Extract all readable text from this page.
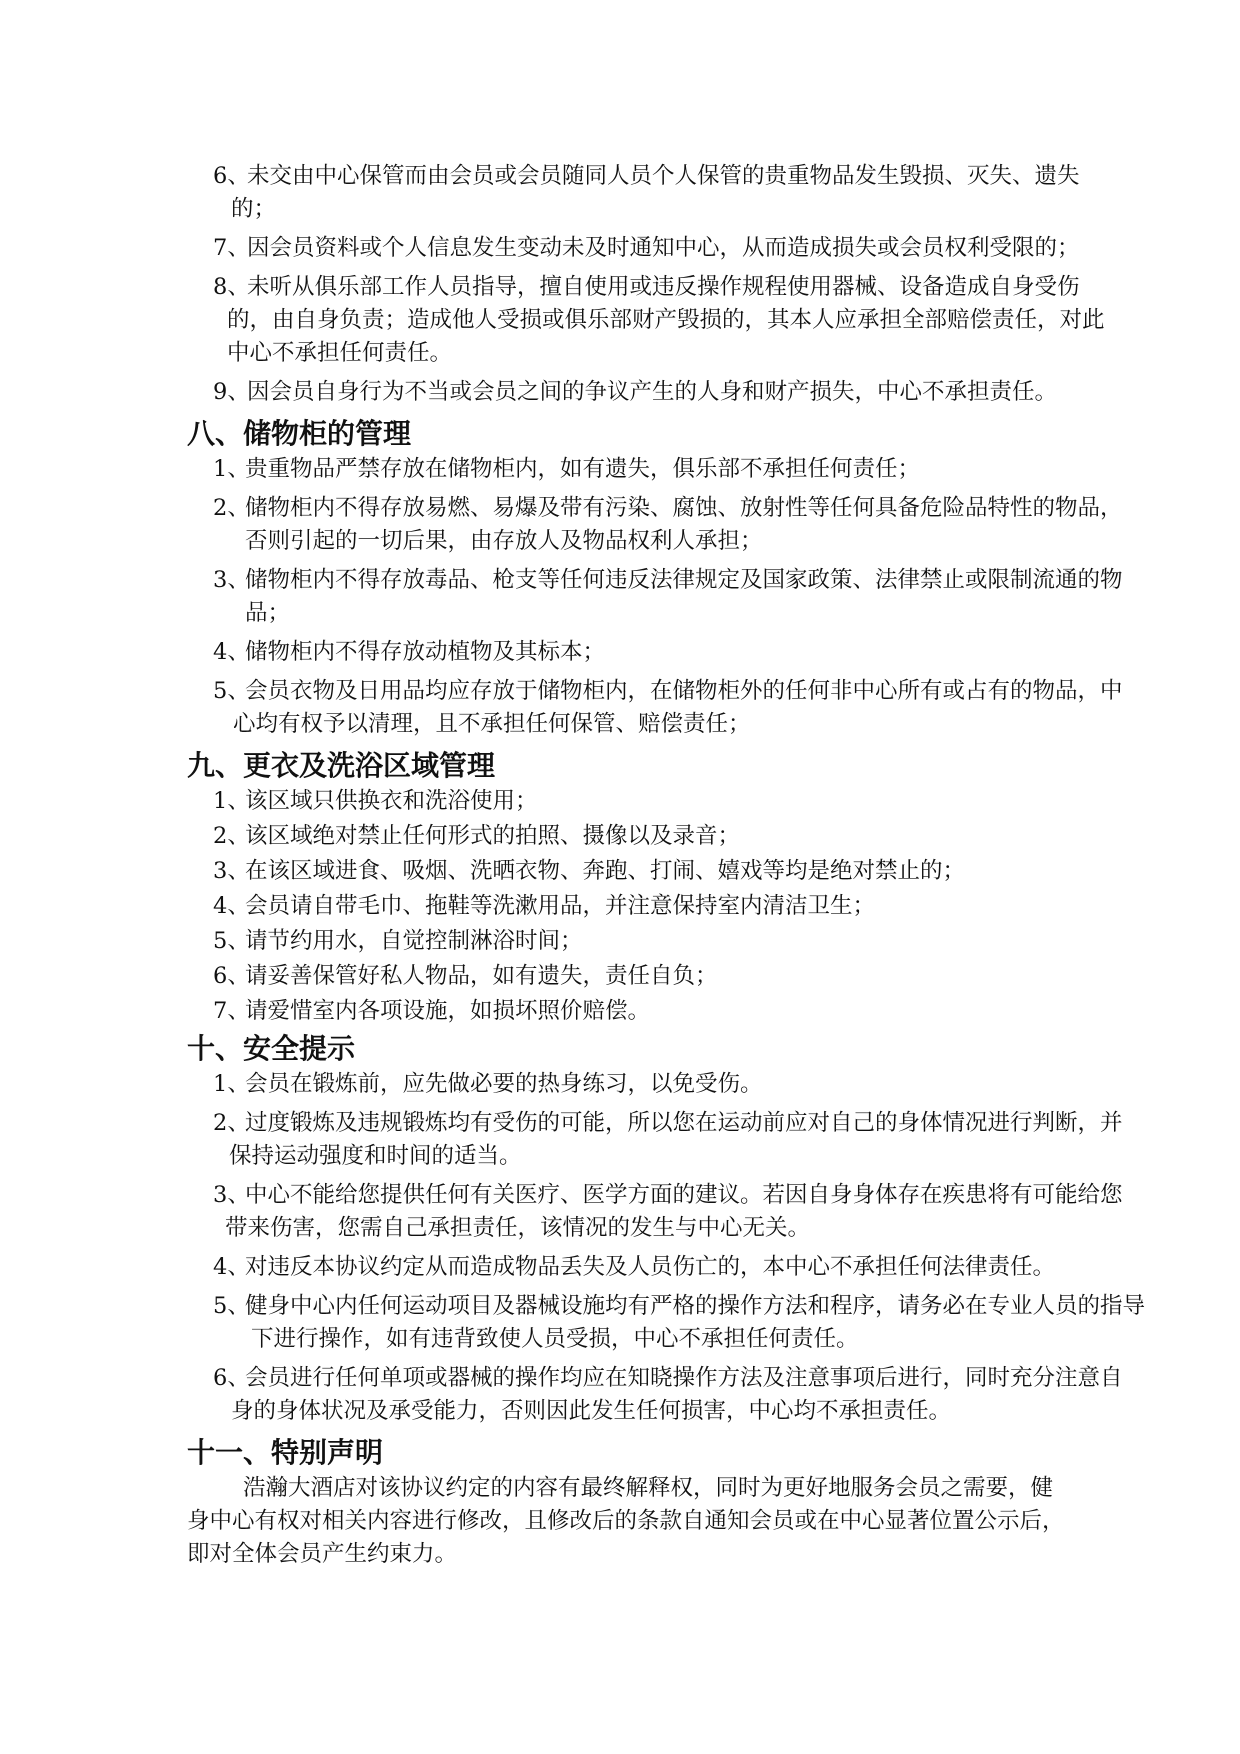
6、
未交由中心保管而由会员或会员随同人员个人保管的贵重物品发生毁损、灭失、遗失的；
7、
因会员资料或个人信息发生变动未及时通知中心，从而造成损失或会员权利受限的；
8、
未听从俱乐部工作人员指导，擅自使用或违反操作规程使用器械、设备造成自身受伤的，由自身负责；造成他人受损或俱乐部财产毁损的，其本人应承担全部赔偿责任，对此中心不承担任何责任。
9、
因会员自身行为不当或会员之间的争议产生的人身和财产损失，中心不承担责任。
八、储物柜的管理
1、
贵重物品严禁存放在储物柜内，如有遗失，俱乐部不承担任何责任；
2、
储物柜内不得存放易燃、易爆及带有污染、腐蚀、放射性等任何具备危险品特性的物品，否则引起的一切后果，由存放人及物品权利人承担；
3、
储物柜内不得存放毒品、枪支等任何违反法律规定及国家政策、法律禁止或限制流通的物品；
4、
储物柜内不得存放动植物及其标本；
5、
会员衣物及日用品均应存放于储物柜内，在储物柜外的任何非中心所有或占有的物品，中心均有权予以清理，且不承担任何保管、赔偿责任；
九、更衣及洗浴区域管理
1、
该区域只供换衣和洗浴使用；
2、
该区域绝对禁止任何形式的拍照、摄像以及录音；
3、
在该区域进食、吸烟、洗晒衣物、奔跑、打闹、嬉戏等均是绝对禁止的；
4、
会员请自带毛巾、拖鞋等洗漱用品，并注意保持室内清洁卫生；
5、
请节约用水，自觉控制淋浴时间；
6、
请妥善保管好私人物品，如有遗失，责任自负；
7、
请爱惜室内各项设施，如损坏照价赔偿。
十、安全提示
1、
会员在锻炼前，应先做必要的热身练习，以免受伤。
2、
过度锻炼及违规锻炼均有受伤的可能，所以您在运动前应对自己的身体情况进行判断，并保持运动强度和时间的适当。
3、
中心不能给您提供任何有关医疗、医学方面的建议。若因自身身体存在疾患将有可能给您带来伤害，您需自己承担责任，该情况的发生与中心无关。
4、
对违反本协议约定从而造成物品丢失及人员伤亡的，本中心不承担任何法律责任。
5、
健身中心内任何运动项目及器械设施均有严格的操作方法和程序，请务必在专业人员的指导下进行操作，如有违背致使人员受损，中心不承担任何责任。
6、
会员进行任何单项或器械的操作均应在知晓操作方法及注意事项后进行，同时充分注意自身的身体状况及承受能力，否则因此发生任何损害，中心均不承担责任。
十一、特别声明
浩瀚大酒店对该协议约定的内容有最终解释权，同时为更好地服务会员之需要，健身中心有权对相关内容进行修改，且修改后的条款自通知会员或在中心显著位置公示后，即对全体会员产生约束力。
